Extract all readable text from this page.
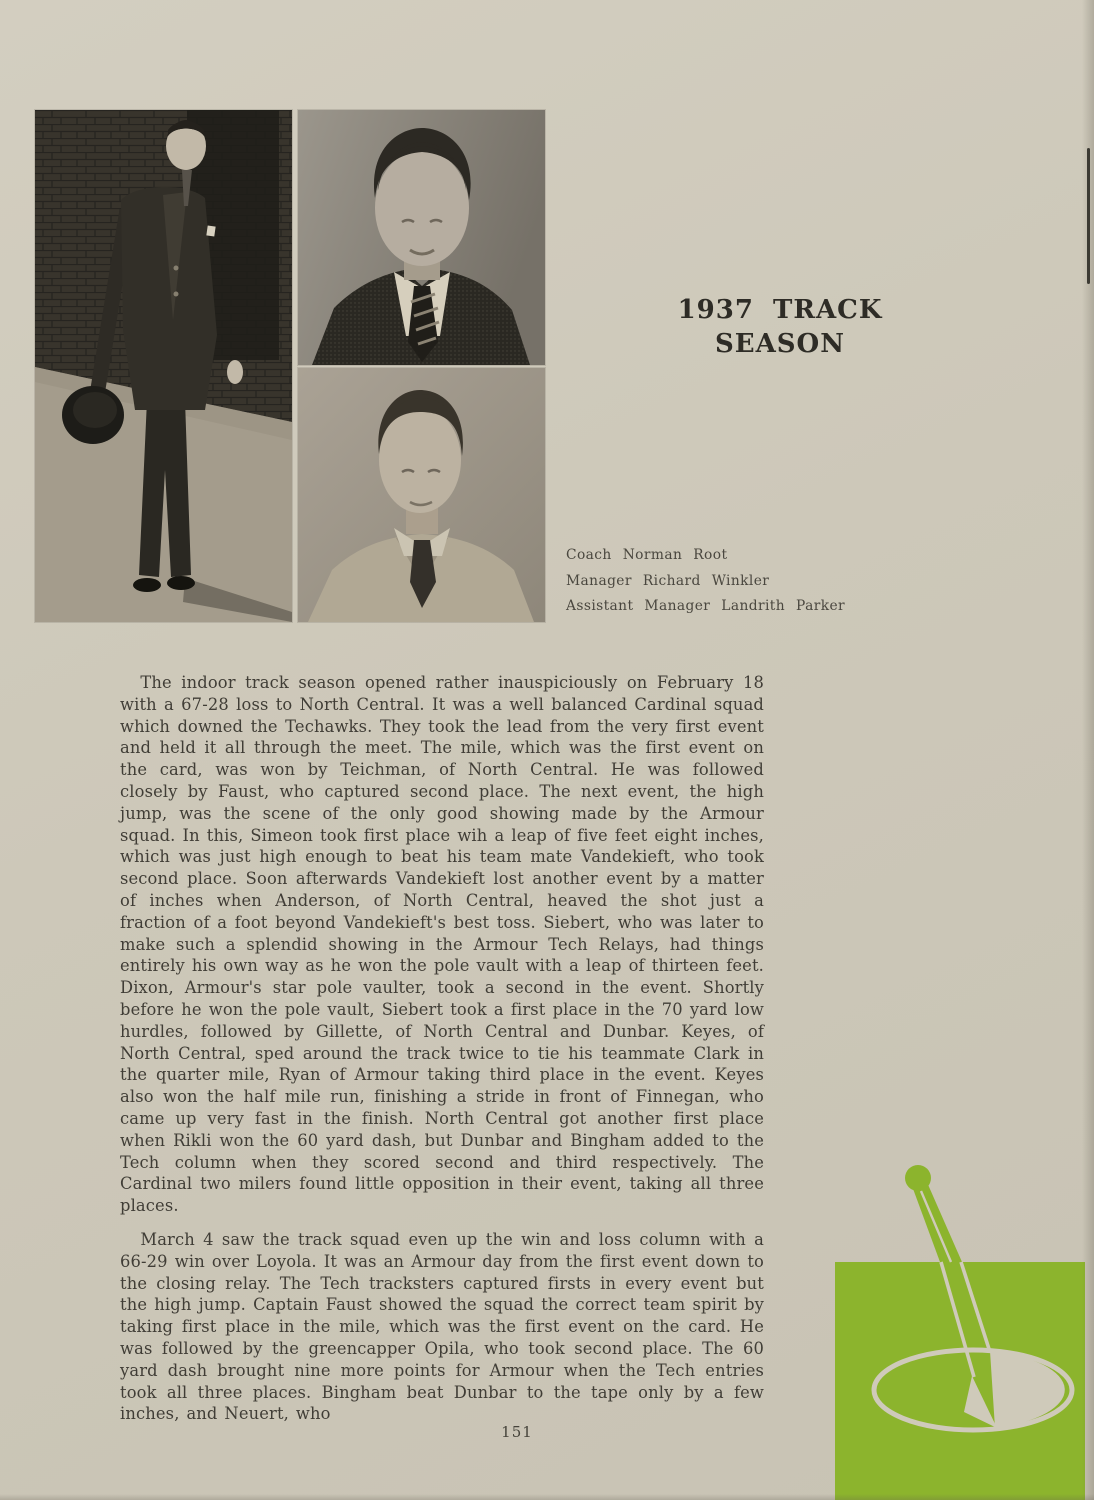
1937 TRACK
SEASON
Coach Norman Root
Manager Richard Winkler
Assistant Manager Landrith Parker

The indoor track season opened rather inauspiciously on February 18 with a 67-28 loss to North Central. It was a well balanced Cardinal squad which downed the Techawks. They took the lead from the very first event and held it all through the meet. The mile, which was the first event on the card, was won by Teichman, of North Central. He was followed closely by Faust, who captured second place. The next event, the high jump, was the scene of the only good showing made by the Armour squad. In this, Simeon took first place wih a leap of five feet eight inches, which was just high enough to beat his team mate Vandekieft, who took second place. Soon afterwards Vandekieft lost another event by a matter of inches when Anderson, of North Central, heaved the shot just a fraction of a foot beyond Vandekieft's best toss. Siebert, who was later to make such a splendid showing in the Armour Tech Relays, had things entirely his own way as he won the pole vault with a leap of thirteen feet. Dixon, Armour's star pole vaulter, took a second in the event. Shortly before he won the pole vault, Siebert took a first place in the 70 yard low hurdles, followed by Gillette, of North Central and Dunbar. Keyes, of North Central, sped around the track twice to tie his teammate Clark in the quarter mile, Ryan of Armour taking third place in the event. Keyes also won the half mile run, finishing a stride in front of Finnegan, who came up very fast in the finish. North Central got another first place when Rikli won the 60 yard dash, but Dunbar and Bingham added to the Tech column when they scored second and third respectively. The Cardinal two milers found little opposition in their event, taking all three places.

March 4 saw the track squad even up the win and loss column with a 66-29 win over Loyola. It was an Armour day from the first event down to the closing relay. The Tech tracksters captured firsts in every event but the high jump. Captain Faust showed the squad the correct team spirit by taking first place in the mile, which was the first event on the card. He was followed by the greencapper Opila, who took second place. The 60 yard dash brought nine more points for Armour when the Tech entries took all three places. Bingham beat Dunbar to the tape only by a few inches, and Neuert, who

151
